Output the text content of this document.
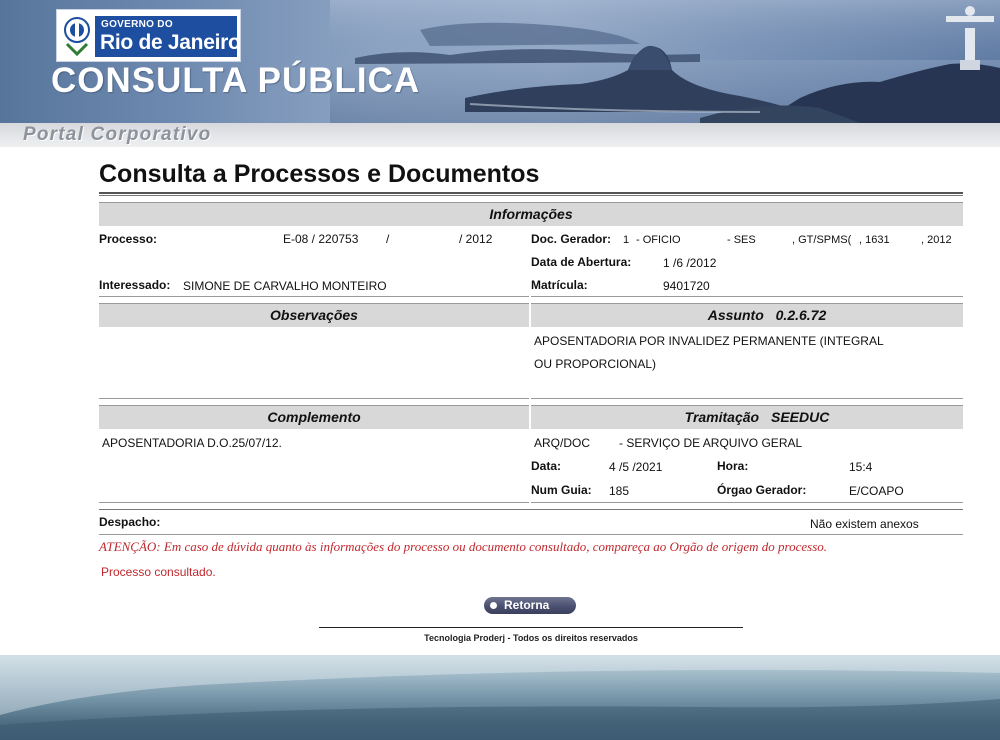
GOVERNO DO
Rio de Janeiro
CONSULTA PÚBLICA
Portal Corporativo
Consulta a Processos e Documentos
Informações
Processo:	E-08 / 220753 /	/ 2012	Doc. Gerador: 1 - OFICIO	- SES	, GT/SPMS( , 1631	, 2012
Data de Abertura:	1 /6 /2012
Interessado: SIMONE DE CARVALHO MONTEIRO	Matrícula:	9401720
Observações	Assunto 0.2.6.72
APOSENTADORIA POR INVALIDEZ PERMANENTE (INTEGRAL
OU PROPORCIONAL)
Complemento	Tramitação SEEDUC
APOSENTADORIA D.O.25/07/12.	ARQ/DOC - SERVIÇO DE ARQUIVO GERAL
Data:	4 /5 /2021	Hora:	15:4
Num Guia: 185	Órgao Gerador:	E/COAPO
Despacho:	Não existem anexos
ATENÇÃO: Em caso de dúvida quanto às informações do processo ou documento consultado, compareça ao Orgão de origem do processo.
Processo consultado.
Retorna
Tecnologia Proderj - Todos os direitos reservados
